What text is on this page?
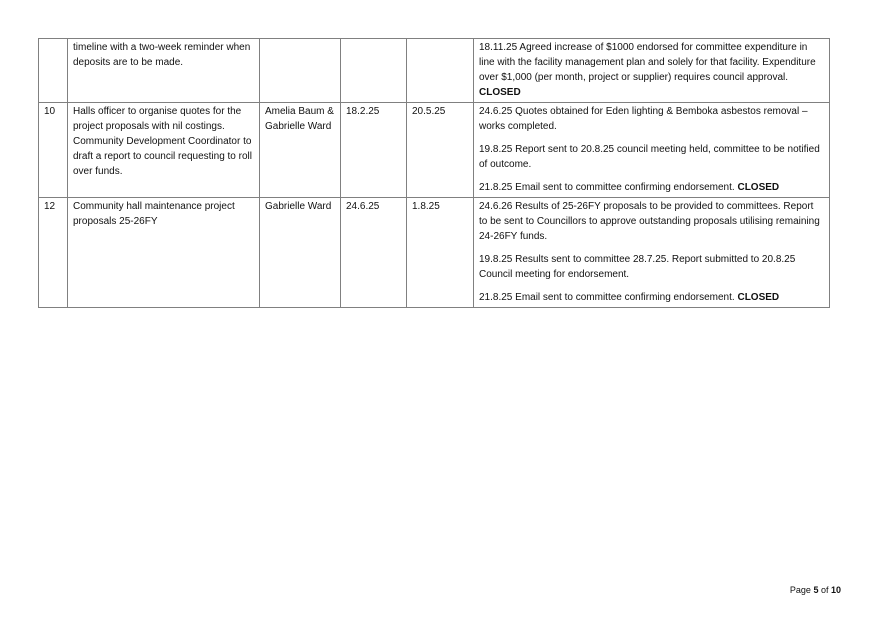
	timeline with a two-week reminder when deposits are to be made.				18.11.25 Agreed increase of $1000 endorsed for committee expenditure in line with the facility management plan and solely for that facility. Expenditure over $1,000 (per month, project or supplier) requires council approval. CLOSED

10	Halls officer to organise quotes for the project proposals with nil costings. Community Development Coordinator to draft a report to council requesting to roll over funds.	Amelia Baum & Gabrielle Ward	18.2.25	20.5.25	24.6.25 Quotes obtained for Eden lighting & Bemboka asbestos removal – works completed.
19.8.25 Report sent to 20.8.25 council meeting held, committee to be notified of outcome.
21.8.25 Email sent to committee confirming endorsement. CLOSED

12	Community hall maintenance project proposals 25-26FY	Gabrielle Ward	24.6.25	1.8.25	24.6.26 Results of 25-26FY proposals to be provided to committees. Report to be sent to Councillors to approve outstanding proposals utilising remaining 24-26FY funds.
19.8.25 Results sent to committee 28.7.25. Report submitted to 20.8.25 Council meeting for endorsement.
21.8.25 Email sent to committee confirming endorsement. CLOSED
Page 5 of 10
